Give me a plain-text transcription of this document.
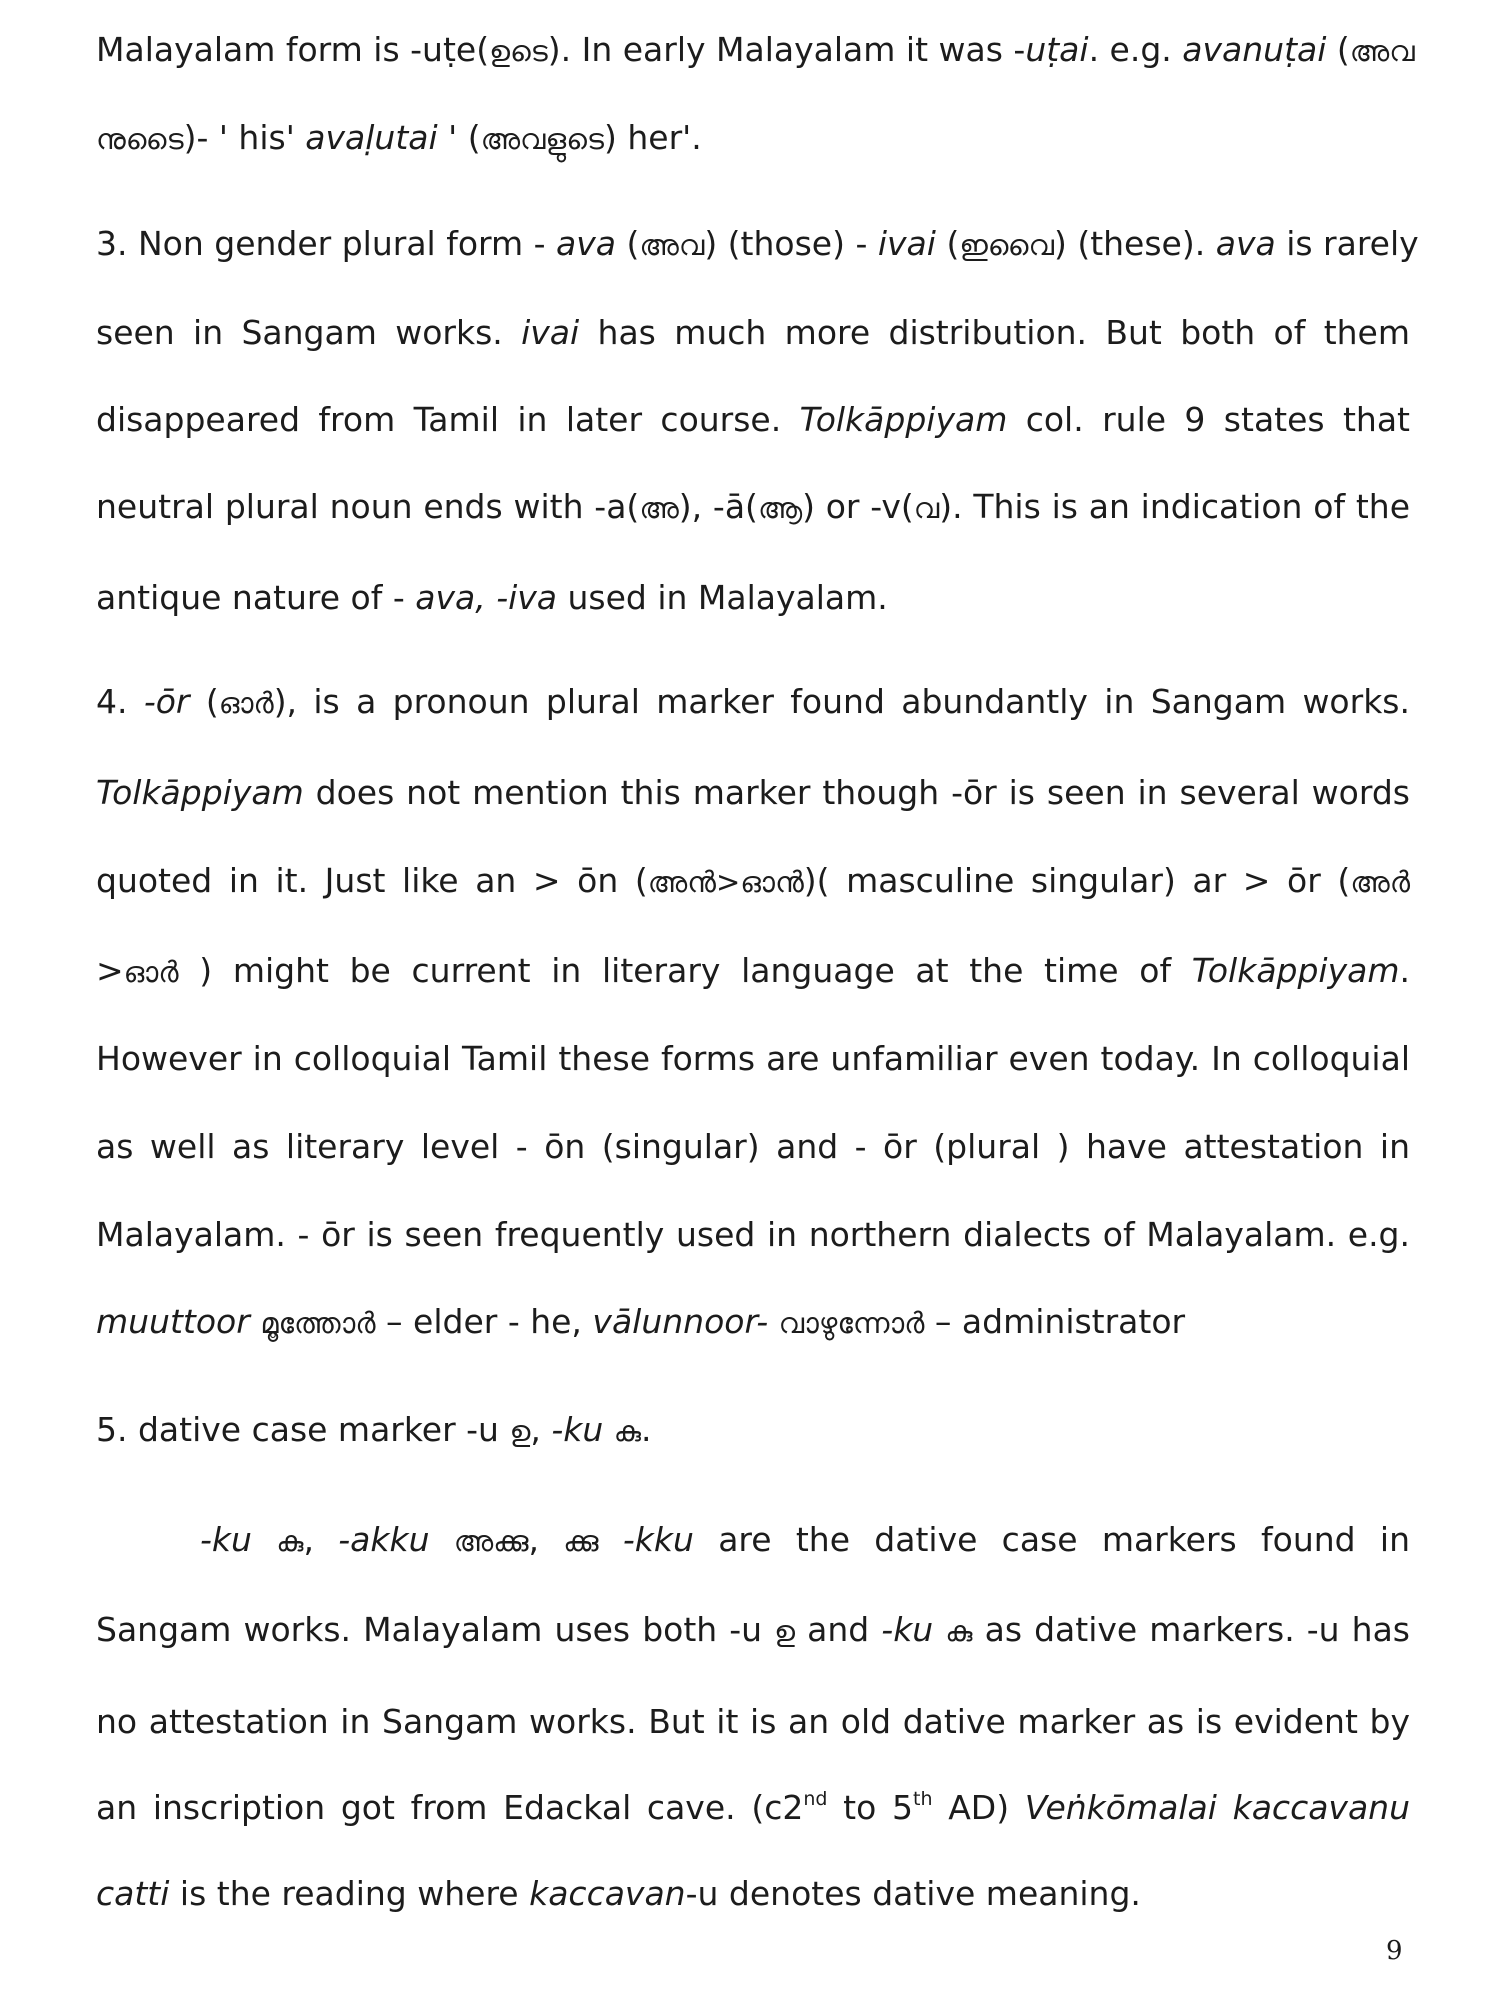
Malayalam form is -uṭe(ഉടെ). In early Malayalam it was -uṭai. e.g. avanuṭai (അവ
നുടൈ)- ' his' avaḷutai ' (അവളുടെ) her'.
3. Non gender plural form - ava (അവ) (those) - ivai (ഇവൈ) (these). ava is rarely
seen in Sangam works. ivai has much more distribution. But both of them
disappeared from Tamil in later course. Tolkāppiyam col. rule 9 states that
neutral plural noun ends with -a(അ), -ā(ആ) or -v(വ). This is an indication of the
antique nature of - ava, -iva used in Malayalam.
4. -ōr (ഓർ), is a pronoun plural marker found abundantly in Sangam works.
Tolkāppiyam does not mention this marker though -ōr is seen in several words
quoted in it. Just like an > ōn (അൻ>ഓൻ)( masculine singular) ar > ōr (അർ
>ഓർ ) might be current in literary language at the time of Tolkāppiyam.
However in colloquial Tamil these forms are unfamiliar even today. In colloquial
as well as literary level - ōn (singular) and - ōr (plural ) have attestation in
Malayalam. - ōr is seen frequently used in northern dialects of Malayalam. e.g.
muuttoor മൂത്തോർ – elder - he, vālunnoor- വാഴുന്നോർ – administrator
5. dative case marker -u ഉ, -ku കു.
-ku കു, -akku അക്കു, ക്കു -kku are the dative case markers found in
Sangam works. Malayalam uses both -u ഉ and -ku കു as dative markers. -u has
no attestation in Sangam works. But it is an old dative marker as is evident by
an inscription got from Edackal cave. (c2nd to 5th AD) Veṅkōmalai kaccavanu
catti is the reading where kaccavan-u denotes dative meaning.
9
